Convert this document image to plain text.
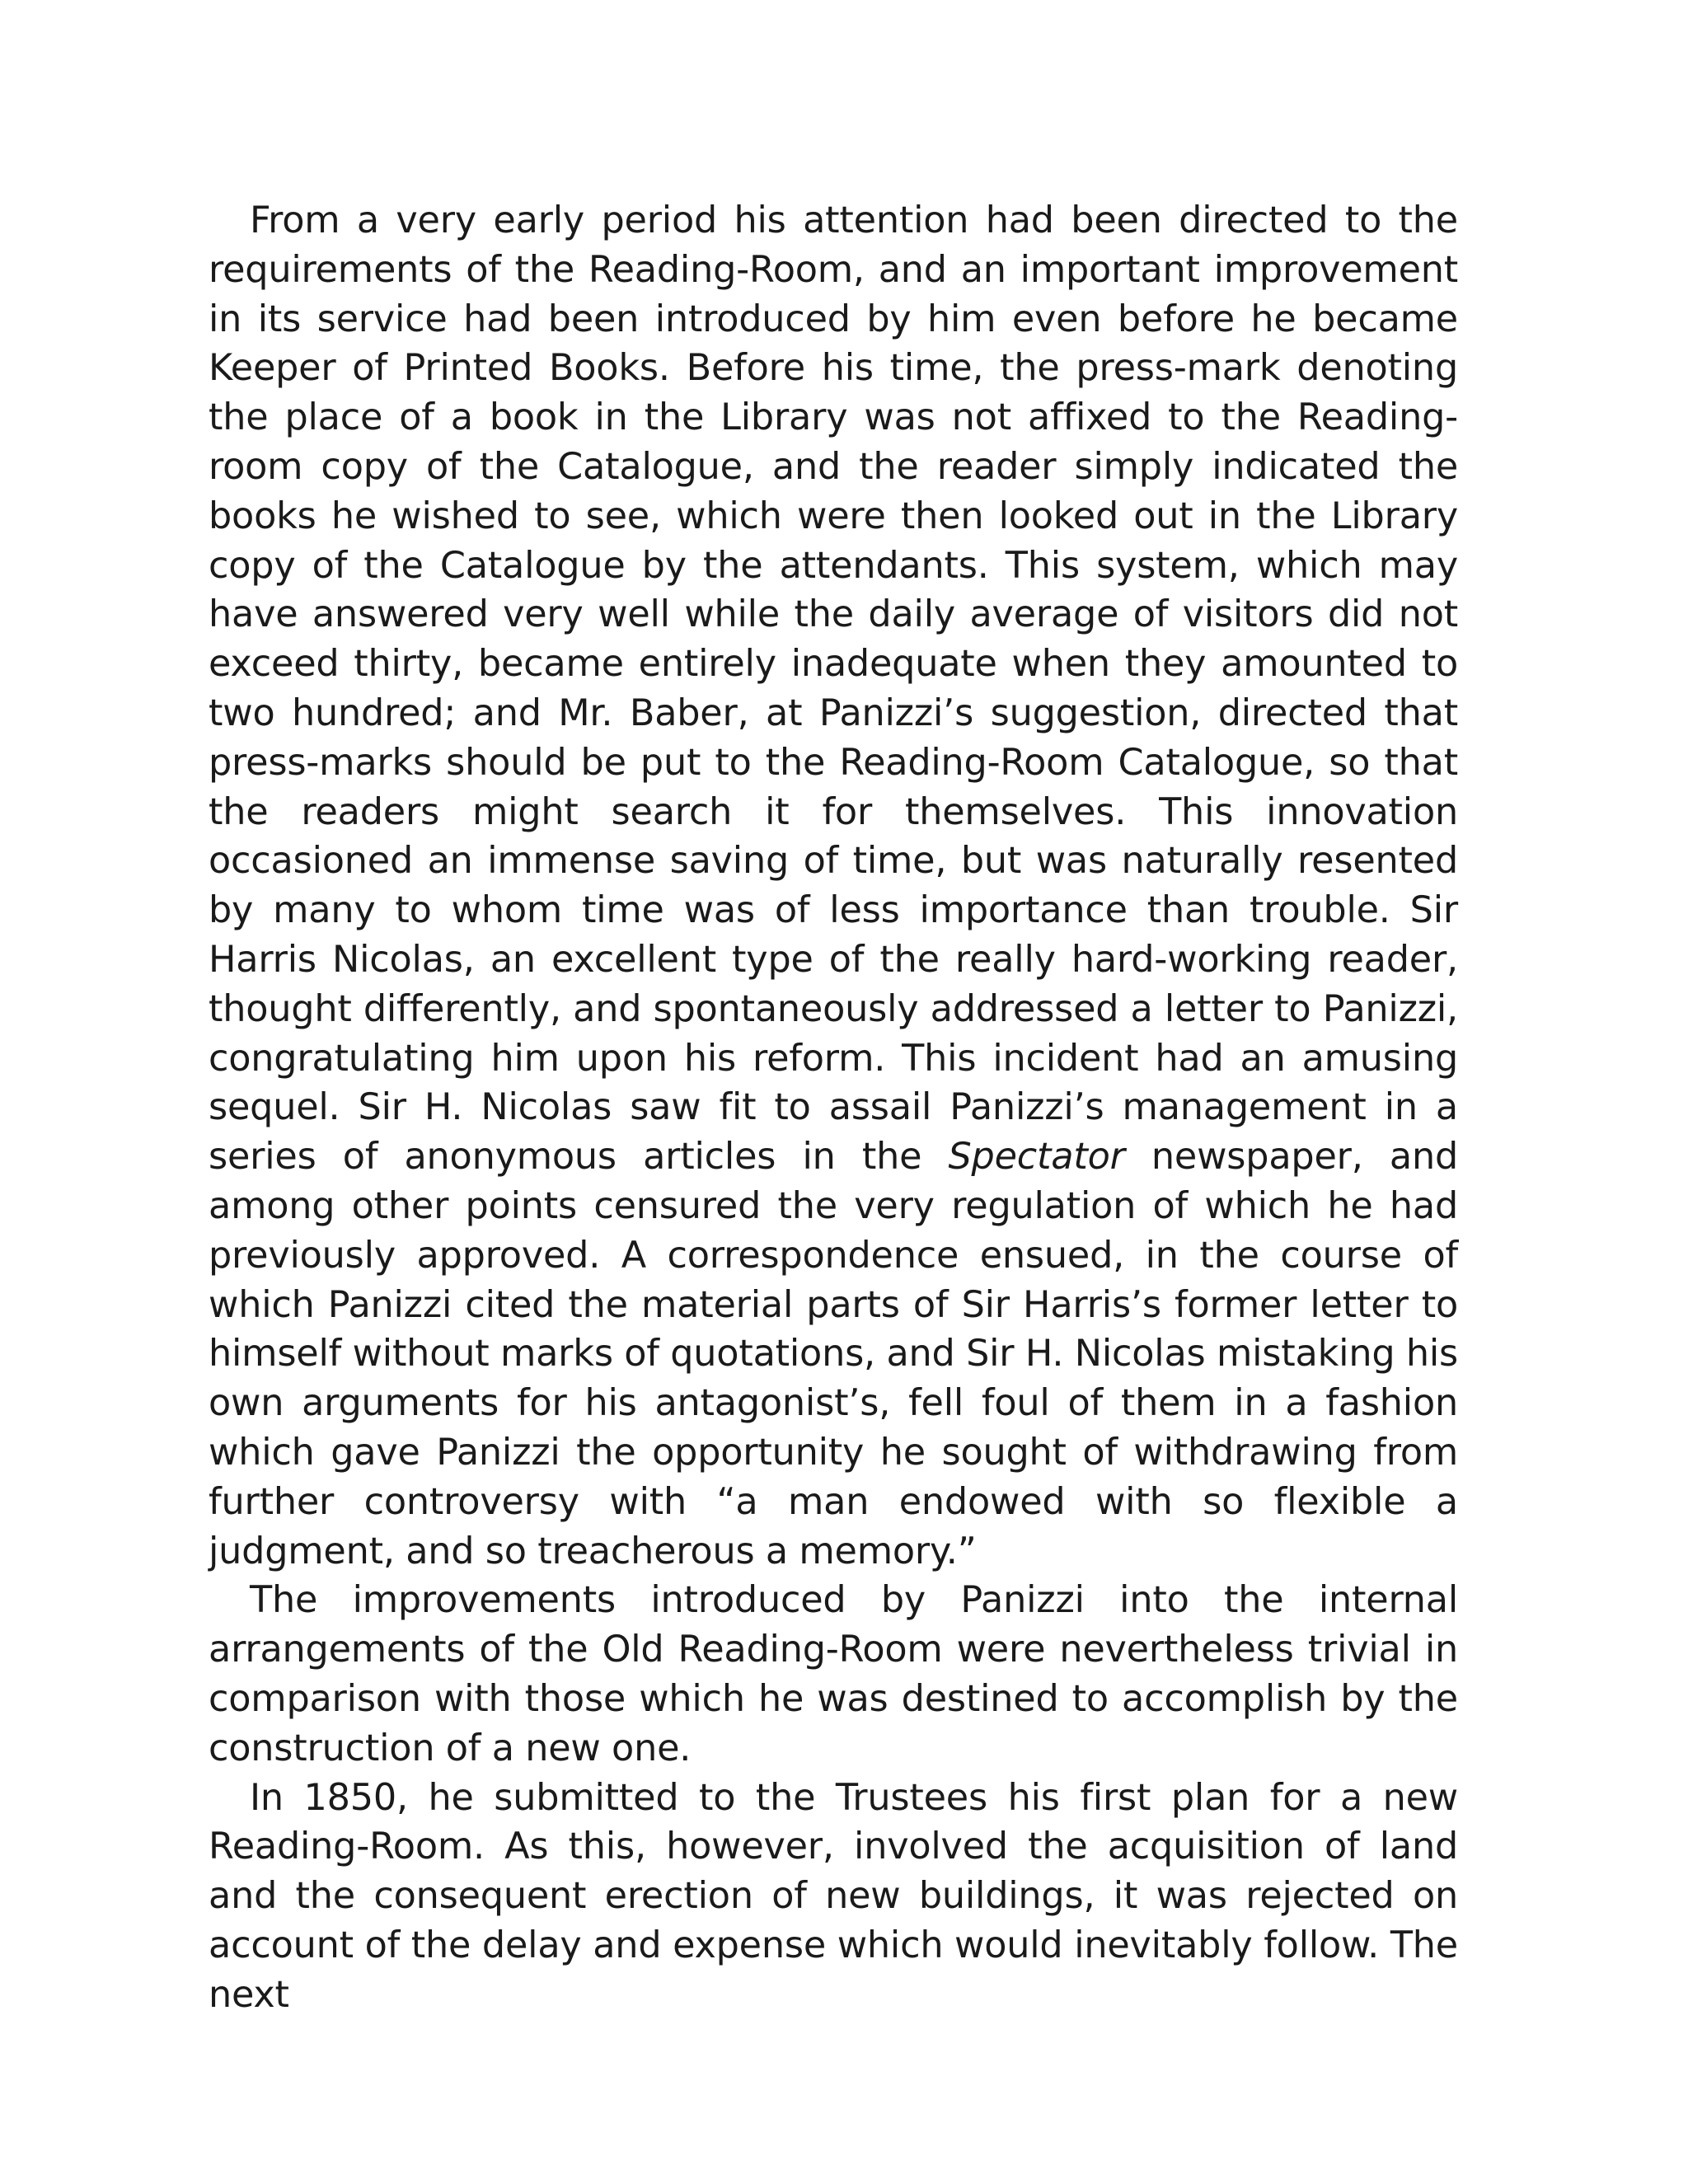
From a very early period his attention had been directed to the requirements of the Reading-Room, and an important improvement in its service had been introduced by him even before he became Keeper of Printed Books. Before his time, the press-mark denoting the place of a book in the Library was not affixed to the Reading-room copy of the Catalogue, and the reader simply indicated the books he wished to see, which were then looked out in the Library copy of the Catalogue by the attendants. This system, which may have answered very well while the daily average of visitors did not exceed thirty, became entirely inadequate when they amounted to two hundred; and Mr. Baber, at Panizzi’s suggestion, directed that press-marks should be put to the Reading-Room Catalogue, so that the readers might search it for themselves. This innovation occasioned an immense saving of time, but was naturally resented by many to whom time was of less importance than trouble. Sir Harris Nicolas, an excellent type of the really hard-working reader, thought differently, and spontaneously addressed a letter to Panizzi, congratulating him upon his reform. This incident had an amusing sequel. Sir H. Nicolas saw fit to assail Panizzi’s management in a series of anonymous articles in the Spectator newspaper, and among other points censured the very regulation of which he had previously approved. A correspondence ensued, in the course of which Panizzi cited the material parts of Sir Harris’s former letter to himself without marks of quotations, and Sir H. Nicolas mistaking his own arguments for his antagonist’s, fell foul of them in a fashion which gave Panizzi the opportunity he sought of withdrawing from further controversy with “a man endowed with so flexible a judgment, and so treacherous a memory.”

The improvements introduced by Panizzi into the internal arrangements of the Old Reading-Room were nevertheless trivial in comparison with those which he was destined to accomplish by the construction of a new one.

In 1850, he submitted to the Trustees his first plan for a new Reading-Room. As this, however, involved the acquisition of land and the consequent erection of new buildings, it was rejected on account of the delay and expense which would inevitably follow. The next
